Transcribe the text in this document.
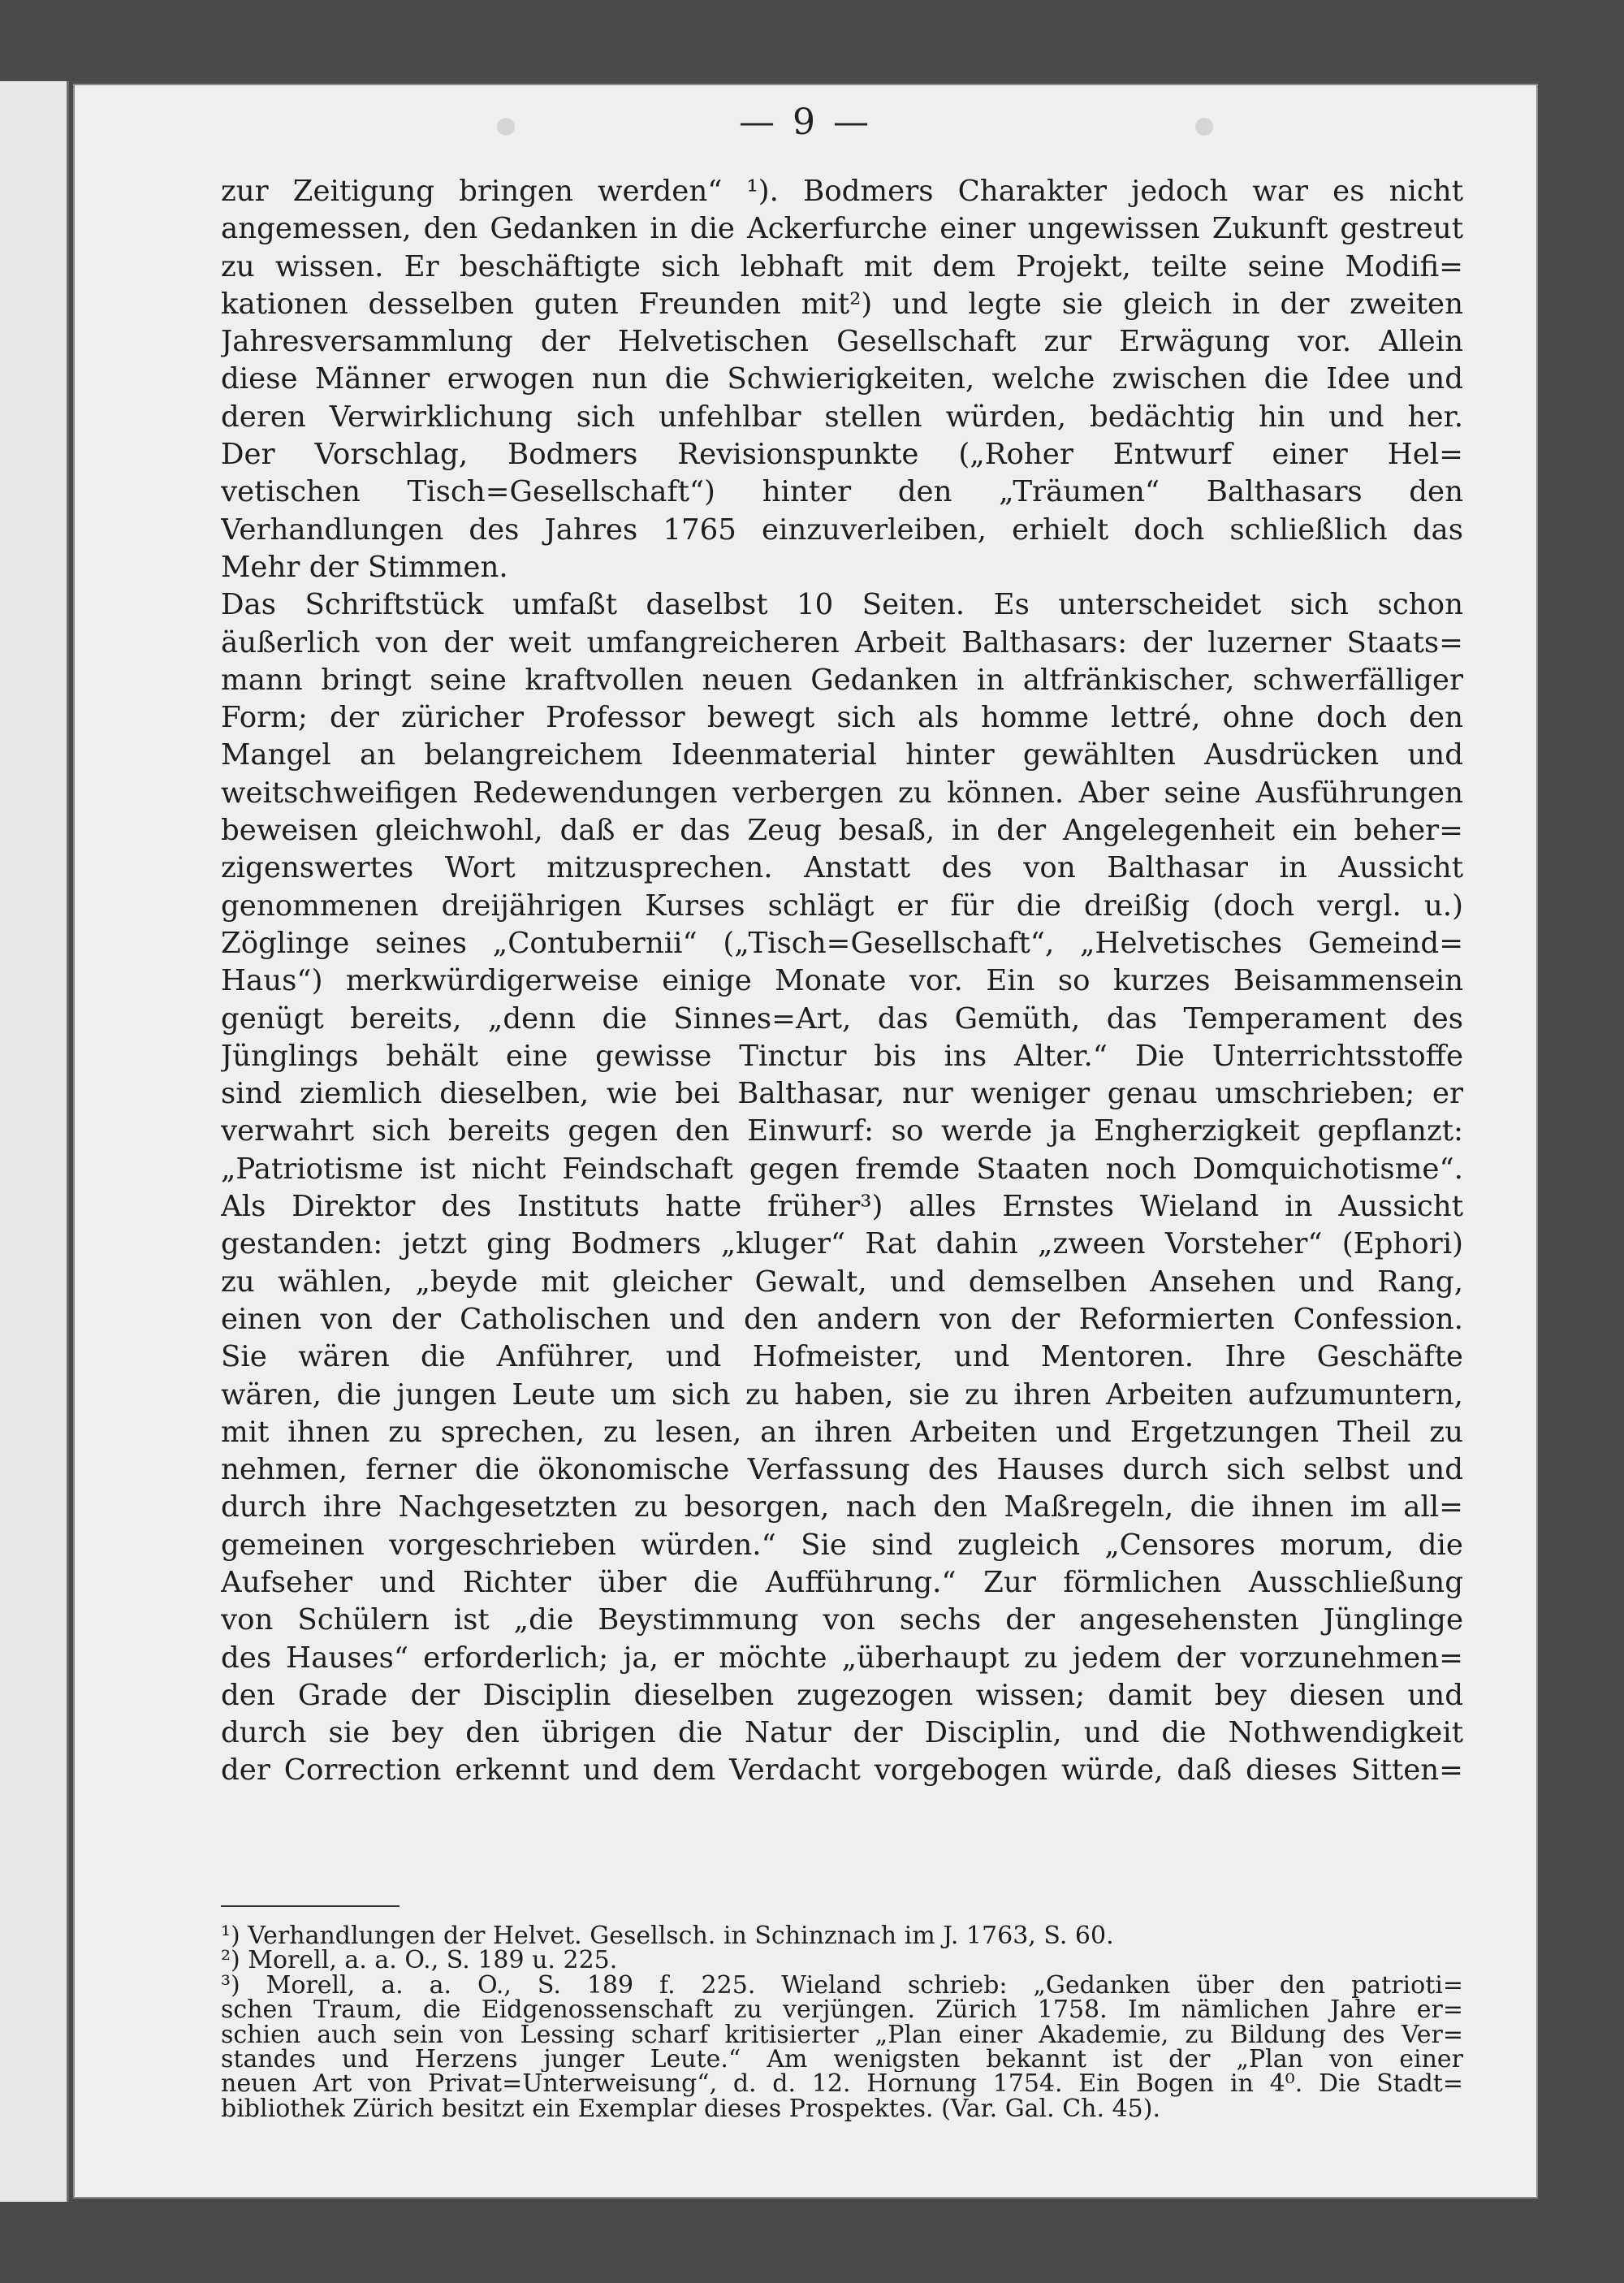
— 9 —
zur Zeitigung bringen werden“ ¹). Bodmers Charakter jedoch war es nicht
angemessen, den Gedanken in die Ackerfurche einer ungewissen Zukunft gestreut
zu wissen. Er beschäftigte sich lebhaft mit dem Projekt, teilte seine Modifi=
kationen desselben guten Freunden mit²) und legte sie gleich in der zweiten
Jahresversammlung der Helvetischen Gesellschaft zur Erwägung vor. Allein
diese Männer erwogen nun die Schwierigkeiten, welche zwischen die Idee und
deren Verwirklichung sich unfehlbar stellen würden, bedächtig hin und her.
Der Vorschlag, Bodmers Revisionspunkte („Roher Entwurf einer Hel=
vetischen Tisch=Gesellschaft“) hinter den „Träumen“ Balthasars den
Verhandlungen des Jahres 1765 einzuverleiben, erhielt doch schließlich das
Mehr der Stimmen.
Das Schriftstück umfaßt daselbst 10 Seiten. Es unterscheidet sich schon
äußerlich von der weit umfangreicheren Arbeit Balthasars: der luzerner Staats=
mann bringt seine kraftvollen neuen Gedanken in altfränkischer, schwerfälliger
Form; der züricher Professor bewegt sich als homme lettré, ohne doch den
Mangel an belangreichem Ideenmaterial hinter gewählten Ausdrücken und
weitschweifigen Redewendungen verbergen zu können. Aber seine Ausführungen
beweisen gleichwohl, daß er das Zeug besaß, in der Angelegenheit ein beher=
zigenswertes Wort mitzusprechen. Anstatt des von Balthasar in Aussicht
genommenen dreijährigen Kurses schlägt er für die dreißig (doch vergl. u.)
Zöglinge seines „Contubernii“ („Tisch=Gesellschaft“, „Helvetisches Gemeind=
Haus“) merkwürdigerweise einige Monate vor. Ein so kurzes Beisammensein
genügt bereits, „denn die Sinnes=Art, das Gemüth, das Temperament des
Jünglings behält eine gewisse Tinctur bis ins Alter.“ Die Unterrichtsstoffe
sind ziemlich dieselben, wie bei Balthasar, nur weniger genau umschrieben; er
verwahrt sich bereits gegen den Einwurf: so werde ja Engherzigkeit gepflanzt:
„Patriotisme ist nicht Feindschaft gegen fremde Staaten noch Domquichotisme“.
Als Direktor des Instituts hatte früher³) alles Ernstes Wieland in Aussicht
gestanden: jetzt ging Bodmers „kluger“ Rat dahin „zween Vorsteher“ (Ephori)
zu wählen, „beyde mit gleicher Gewalt, und demselben Ansehen und Rang,
einen von der Catholischen und den andern von der Reformierten Confession.
Sie wären die Anführer, und Hofmeister, und Mentoren. Ihre Geschäfte
wären, die jungen Leute um sich zu haben, sie zu ihren Arbeiten aufzumuntern,
mit ihnen zu sprechen, zu lesen, an ihren Arbeiten und Ergetzungen Theil zu
nehmen, ferner die ökonomische Verfassung des Hauses durch sich selbst und
durch ihre Nachgesetzten zu besorgen, nach den Maßregeln, die ihnen im all=
gemeinen vorgeschrieben würden.“ Sie sind zugleich „Censores morum, die
Aufseher und Richter über die Aufführung.“ Zur förmlichen Ausschließung
von Schülern ist „die Beystimmung von sechs der angesehensten Jünglinge
des Hauses“ erforderlich; ja, er möchte „überhaupt zu jedem der vorzunehmen=
den Grade der Disciplin dieselben zugezogen wissen; damit bey diesen und
durch sie bey den übrigen die Natur der Disciplin, und die Nothwendigkeit
der Correction erkennt und dem Verdacht vorgebogen würde, daß dieses Sitten=
¹) Verhandlungen der Helvet. Gesellsch. in Schinznach im J. 1763, S. 60.
²) Morell, a. a. O., S. 189 u. 225.
³) Morell, a. a. O., S. 189 f. 225. Wieland schrieb: „Gedanken über den patrioti=
schen Traum, die Eidgenossenschaft zu verjüngen. Zürich 1758. Im nämlichen Jahre er=
schien auch sein von Lessing scharf kritisierter „Plan einer Akademie, zu Bildung des Ver=
standes und Herzens junger Leute.“ Am wenigsten bekannt ist der „Plan von einer
neuen Art von Privat=Unterweisung“, d. d. 12. Hornung 1754. Ein Bogen in 4⁰. Die Stadt=
bibliothek Zürich besitzt ein Exemplar dieses Prospektes. (Var. Gal. Ch. 45).
